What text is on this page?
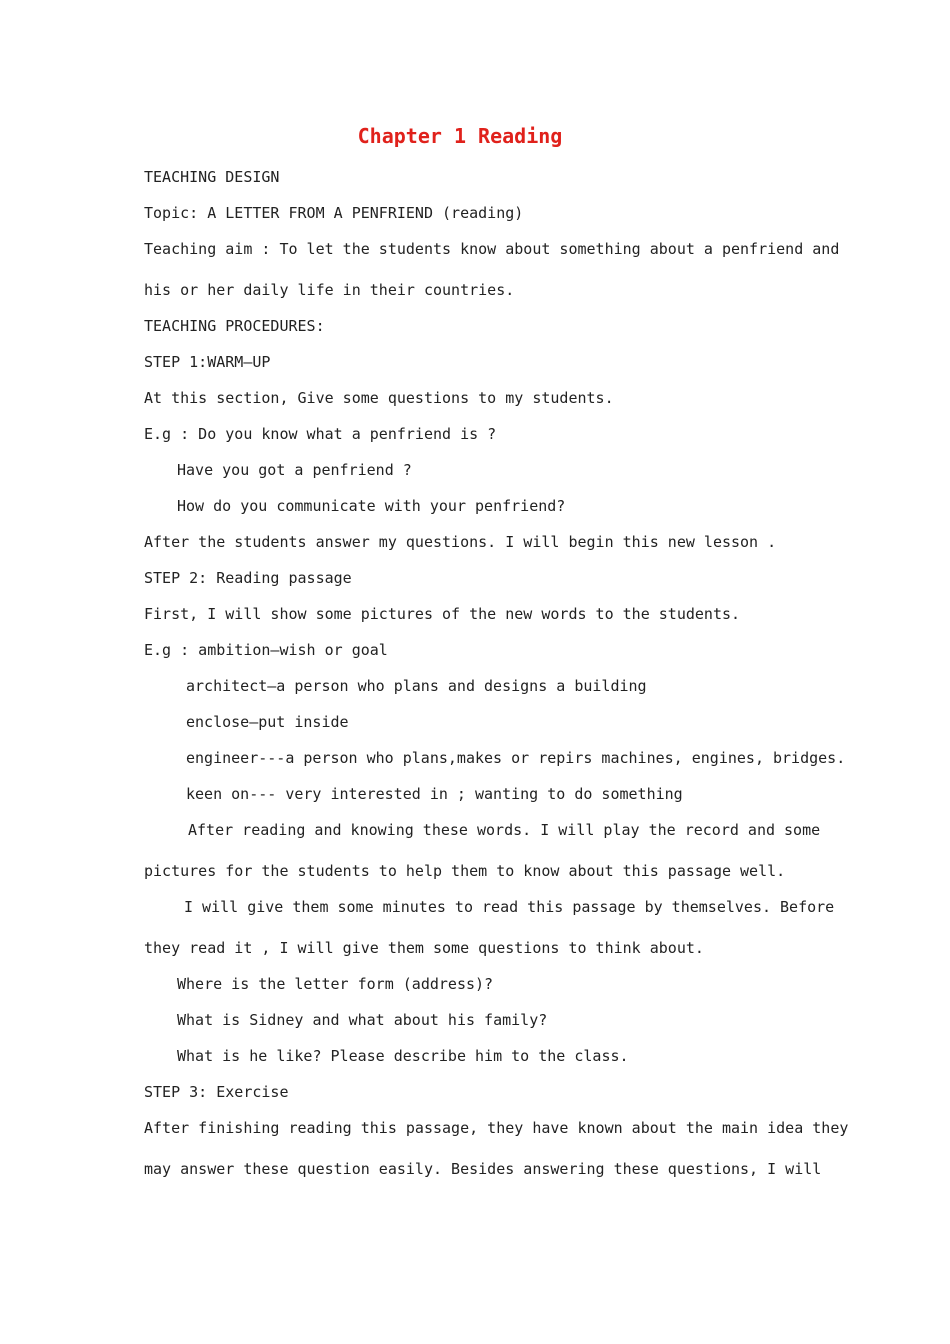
Chapter 1 Reading

TEACHING DESIGN

Topic: A LETTER FROM A PENFRIEND (reading)

Teaching aim : To let the students know about something about a penfriend and

his or her daily life in their countries.

TEACHING PROCEDURES:

STEP 1:WARM—UP

At this section, Give some questions to my students.

E.g : Do you know what a penfriend is ?

Have you got a penfriend ?

How do you communicate with your penfriend?

After the students answer my questions. I will begin this new lesson .

STEP 2: Reading passage

First, I will show some pictures of the new words to the students.

E.g : ambition—wish or goal

architect—a person who plans and designs a building

enclose—put inside

engineer---a person who plans,makes or repirs machines, engines, bridges.

keen on--- very interested in ; wanting to do something

After reading and knowing these words. I will play the record and some

pictures for the students to help them to know about this passage well.

I will give them some minutes to read this passage by themselves. Before

they read it , I will give them some questions to think about.

Where is the letter form (address)?

What is Sidney and what about his family?

What is he like? Please describe him to the class.

STEP 3: Exercise

After finishing reading this passage, they have known about the main idea they

may answer these question easily. Besides answering these questions, I will
